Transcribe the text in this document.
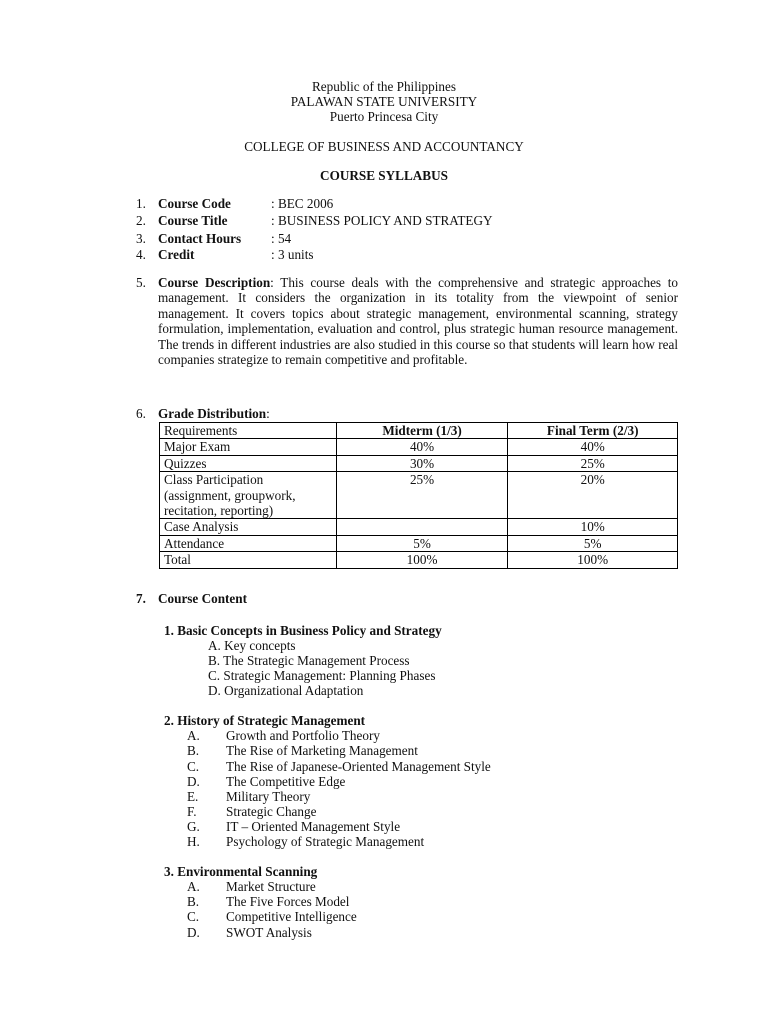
Republic of the Philippines
PALAWAN STATE UNIVERSITY
Puerto Princesa City
COLLEGE OF BUSINESS AND ACCOUNTANCY
COURSE SYLLABUS
1. Course Code	: BEC 2006
2. Course Title	: BUSINESS POLICY AND STRATEGY
3. Contact Hours : 54
4. Credit	: 3 units
5. Course Description: This course deals with the comprehensive and strategic approaches to management. It considers the organization in its totality from the viewpoint of senior management. It covers topics about strategic management, environmental scanning, strategy formulation, implementation, evaluation and control, plus strategic human resource management. The trends in different industries are also studied in this course so that students will learn how real companies strategize to remain competitive and profitable.
6. Grade Distribution:
Requirements	Midterm (1/3)	Final Term (2/3)
Major Exam	40%	40%
Quizzes	30%	25%
Class Participation (assignment, groupwork, recitation, reporting)	25%	20%
Case Analysis		10%
Attendance	5%	5%
Total	100%	100%
7. Course Content
1. Basic Concepts in Business Policy and Strategy
A. Key concepts
B. The Strategic Management Process
C. Strategic Management: Planning Phases
D. Organizational Adaptation
2. History of Strategic Management
A.	Growth and Portfolio Theory
B.	The Rise of Marketing Management
C.	The Rise of Japanese-Oriented Management Style
D.	The Competitive Edge
E.	Military Theory
F.	Strategic Change
G.	IT – Oriented Management Style
H.	Psychology of Strategic Management
3. Environmental Scanning
A.	Market Structure
B.	The Five Forces Model
C.	Competitive Intelligence
D.	SWOT Analysis
